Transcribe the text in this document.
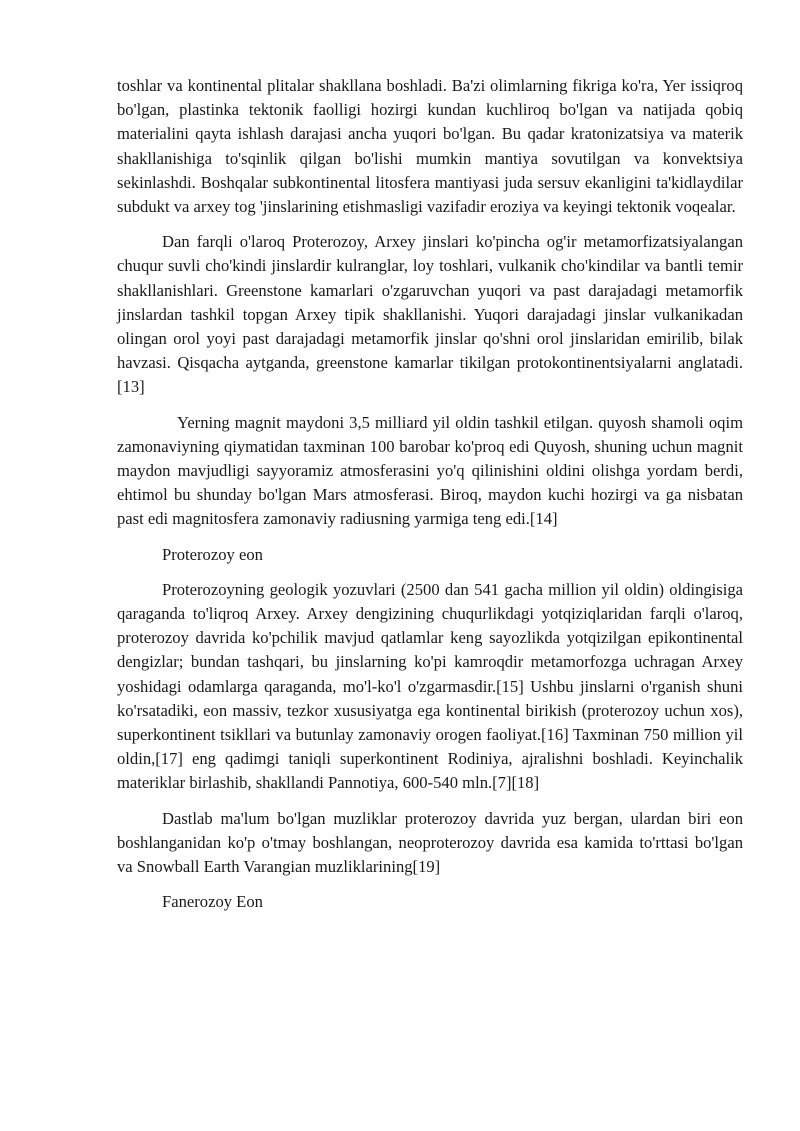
toshlar va kontinental plitalar shakllana boshladi. Ba'zi olimlarning fikriga ko'ra, Yer issiqroq bo'lgan, plastinka tektonik faolligi hozirgi kundan kuchliroq bo'lgan va natijada qobiq materialini qayta ishlash darajasi ancha yuqori bo'lgan. Bu qadar kratonizatsiya va materik shakllanishiga to'sqinlik qilgan bo'lishi mumkin mantiya sovutilgan va konvektsiya sekinlashdi. Boshqalar subkontinental litosfera mantiyasi juda sersuv ekanligini ta'kidlaydilar subdukt va arxey tog 'jinslarining etishmasligi vazifadir eroziya va keyingi tektonik voqealar.

Dan farqli o'laroq Proterozoy, Arxey jinslari ko'pincha og'ir metamorfizatsiyalangan chuqur suvli cho'kindi jinslardir kulranglar, loy toshlari, vulkanik cho'kindilar va bantli temir shakllanishlari. Greenstone kamarlari o'zgaruvchan yuqori va past darajadagi metamorfik jinslardan tashkil topgan Arxey tipik shakllanishi. Yuqori darajadagi jinslar vulkanikadan olingan orol yoyi past darajadagi metamorfik jinslar qo'shni orol jinslaridan emirilib, bilak havzasi. Qisqacha aytganda, greenstone kamarlar tikilgan protokontinentsiyalarni anglatadi.[13]

Yerning magnit maydoni 3,5 milliard yil oldin tashkil etilgan. quyosh shamoli oqim zamonaviyning qiymatidan taxminan 100 barobar ko'proq edi Quyosh, shuning uchun magnit maydon mavjudligi sayyoramiz atmosferasini yo'q qilinishini oldini olishga yordam berdi, ehtimol bu shunday bo'lgan Mars atmosferasi. Biroq, maydon kuchi hozirgi va ga nisbatan past edi magnitosfera zamonaviy radiusning yarmiga teng edi.[14]

Proterozoy eon

Proterozoyning geologik yozuvlari (2500 dan 541 gacha million yil oldin) oldingisiga qaraganda to'liqroq Arxey. Arxey dengizining chuqurlikdagi yotqiziqlaridan farqli o'laroq, proterozoy davrida ko'pchilik mavjud qatlamlar keng sayozlikda yotqizilgan epikontinental dengizlar; bundan tashqari, bu jinslarning ko'pi kamroqdir metamorfozga uchragan Arxey yoshidagi odamlarga qaraganda, mo'l-ko'l o'zgarmasdir.[15] Ushbu jinslarni o'rganish shuni ko'rsatadiki, eon massiv, tezkor xususiyatga ega kontinental birikish (proterozoy uchun xos), superkontinent tsikllari va butunlay zamonaviy orogen faoliyat.[16] Taxminan 750 million yil oldin,[17] eng qadimgi taniqli superkontinent Rodiniya, ajralishni boshladi. Keyinchalik materiklar birlashib, shakllandi Pannotiya, 600-540 mln.[7][18]

Dastlab ma'lum bo'lgan muzliklar proterozoy davrida yuz bergan, ulardan biri eon boshlanganidan ko'p o'tmay boshlangan, neoproterozoy davrida esa kamida to'rttasi bo'lgan va Snowball Earth Varangian muzliklarining[19]

Fanerozoy Eon
